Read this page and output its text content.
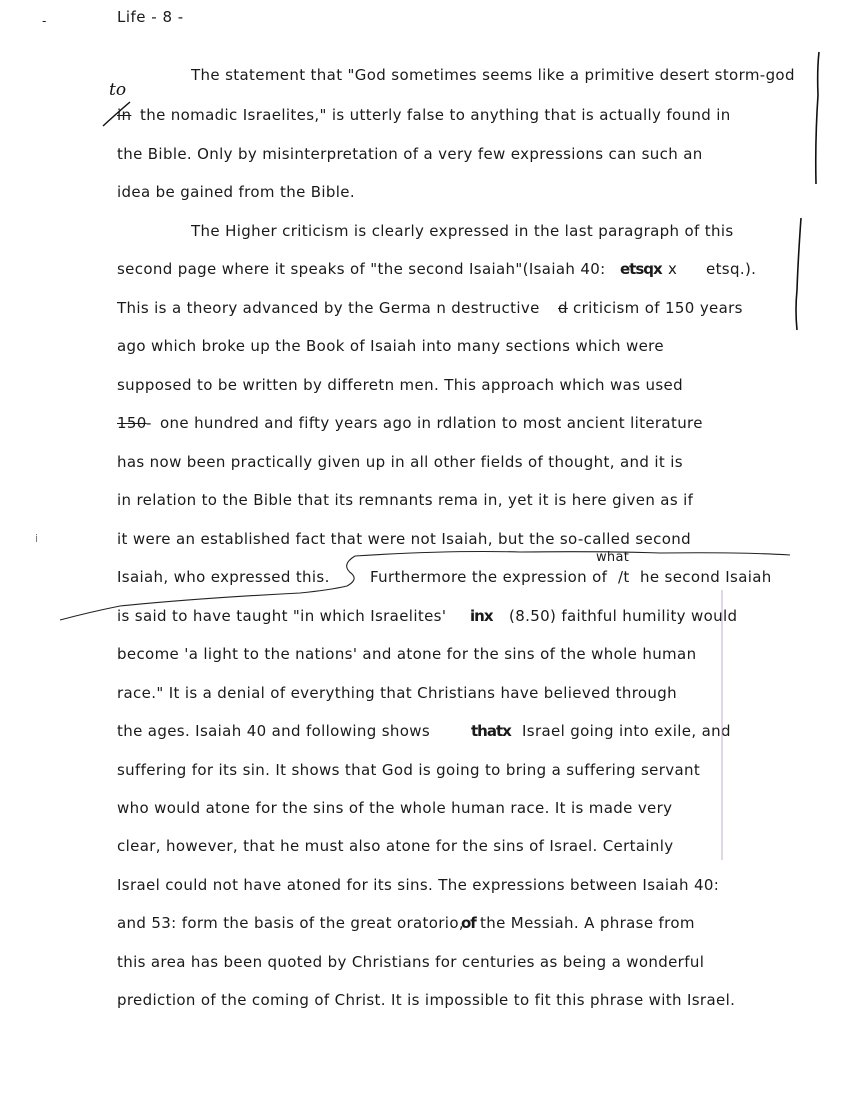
Life - 8 -
-
The statement that "God sometimes seems like a primitive desert storm-god
in
to
the nomadic Israelites," is utterly false to anything that is actually found in
the Bible. Only by misinterpretation of a very few expressions can such an
idea be gained from the Bible.
The Higher criticism is clearly expressed in the last paragraph of this
second page where it speaks of "the second Isaiah"(Isaiah 40: etsqx x etsq.).
This is a theory advanced by the Germa n destructive d criticism of 150 years
ago which broke up the Book of Isaiah into many sections which were
supposed to be written by differetn men. This approach which was used
150 - one hundred and fifty years ago in rdlation to most ancient literature
has now been practically given up in all other fields of thought, and it is
in relation to the Bible that its remnants rema in, yet it is here given as if
it were an established fact that were not Isaiah, but the so-called second
what
Isaiah, who expressed this.	Furthermore the expression of /t he second Isaiah
is said to have taught "in which Israelites' inx (8.50) faithful humility would
become 'a light to the nations' and atone for the sins of the whole human
race." It is a denial of everything that Christians have believed through
the ages. Isaiah 40 and following shows	thatx Israel going into exile, and
suffering for its sin. It shows that God is going to bring a suffering servant
who would atone for the sins of the whole human race. It is made very
clear, however, that he must also atone for the sins of Israel. Certainly
Israel could not have atoned for its sins. The expressions between Isaiah 40:
and 53: form the basis of the great oratorio,
of the Messiah. A phrase from
this area has been quoted by Christians for centuries as being a wonderful
prediction of the coming of Christ. It is impossible to fit this phrase with Israel.
i
